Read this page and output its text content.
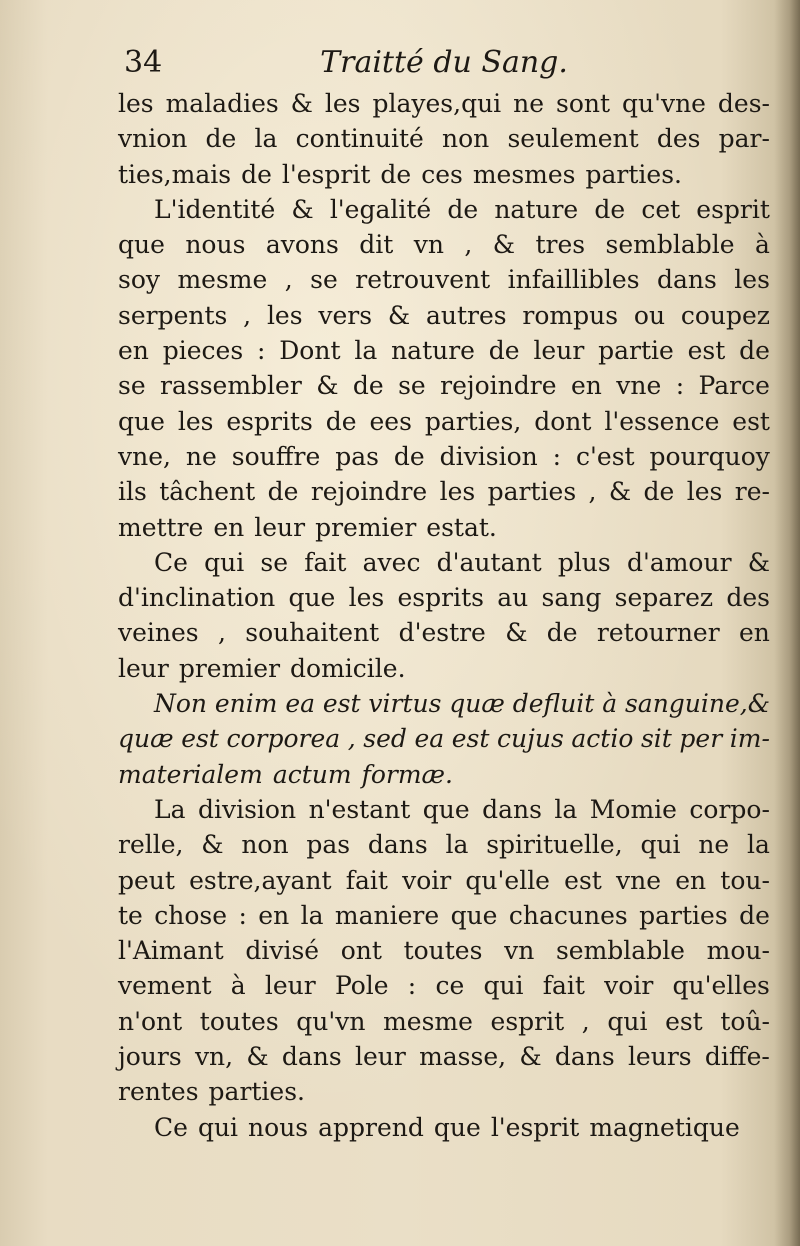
34	Traitté du Sang.
les maladies & les playes,qui ne sont qu'vne des-
vnion de la continuité non seulement des par-
ties,mais de l'esprit de ces mesmes parties.
L'identité & l'egalité de nature de cet esprit
que nous avons dit vn , & tres semblable à
soy mesme , se retrouvent infaillibles dans les
serpents , les vers & autres rompus ou coupez
en pieces : Dont la nature de leur partie est de
se rassembler & de se rejoindre en vne : Parce
que les esprits de ees parties, dont l'essence est
vne, ne souffre pas de division : c'est pourquoy
ils tâchent de rejoindre les parties , & de les re-
mettre en leur premier estat.
Ce qui se fait avec d'autant plus d'amour &
d'inclination que les esprits au sang separez des
veines , souhaitent d'estre & de retourner en
leur premier domicile.
Non enim ea est virtus quæ defluit à sanguine,&
quæ est corporea , sed ea est cujus actio sit per im-
materialem actum formæ.
La division n'estant que dans la Momie corpo-
relle, & non pas dans la spirituelle, qui ne la
peut estre,ayant fait voir qu'elle est vne en tou-
te chose : en la maniere que chacunes parties de
l'Aimant divisé ont toutes vn semblable mou-
vement à leur Pole : ce qui fait voir qu'elles
n'ont toutes qu'vn mesme esprit , qui est toû-
jours vn, & dans leur masse, & dans leurs diffe-
rentes parties.
Ce qui nous apprend que l'esprit magnetique
